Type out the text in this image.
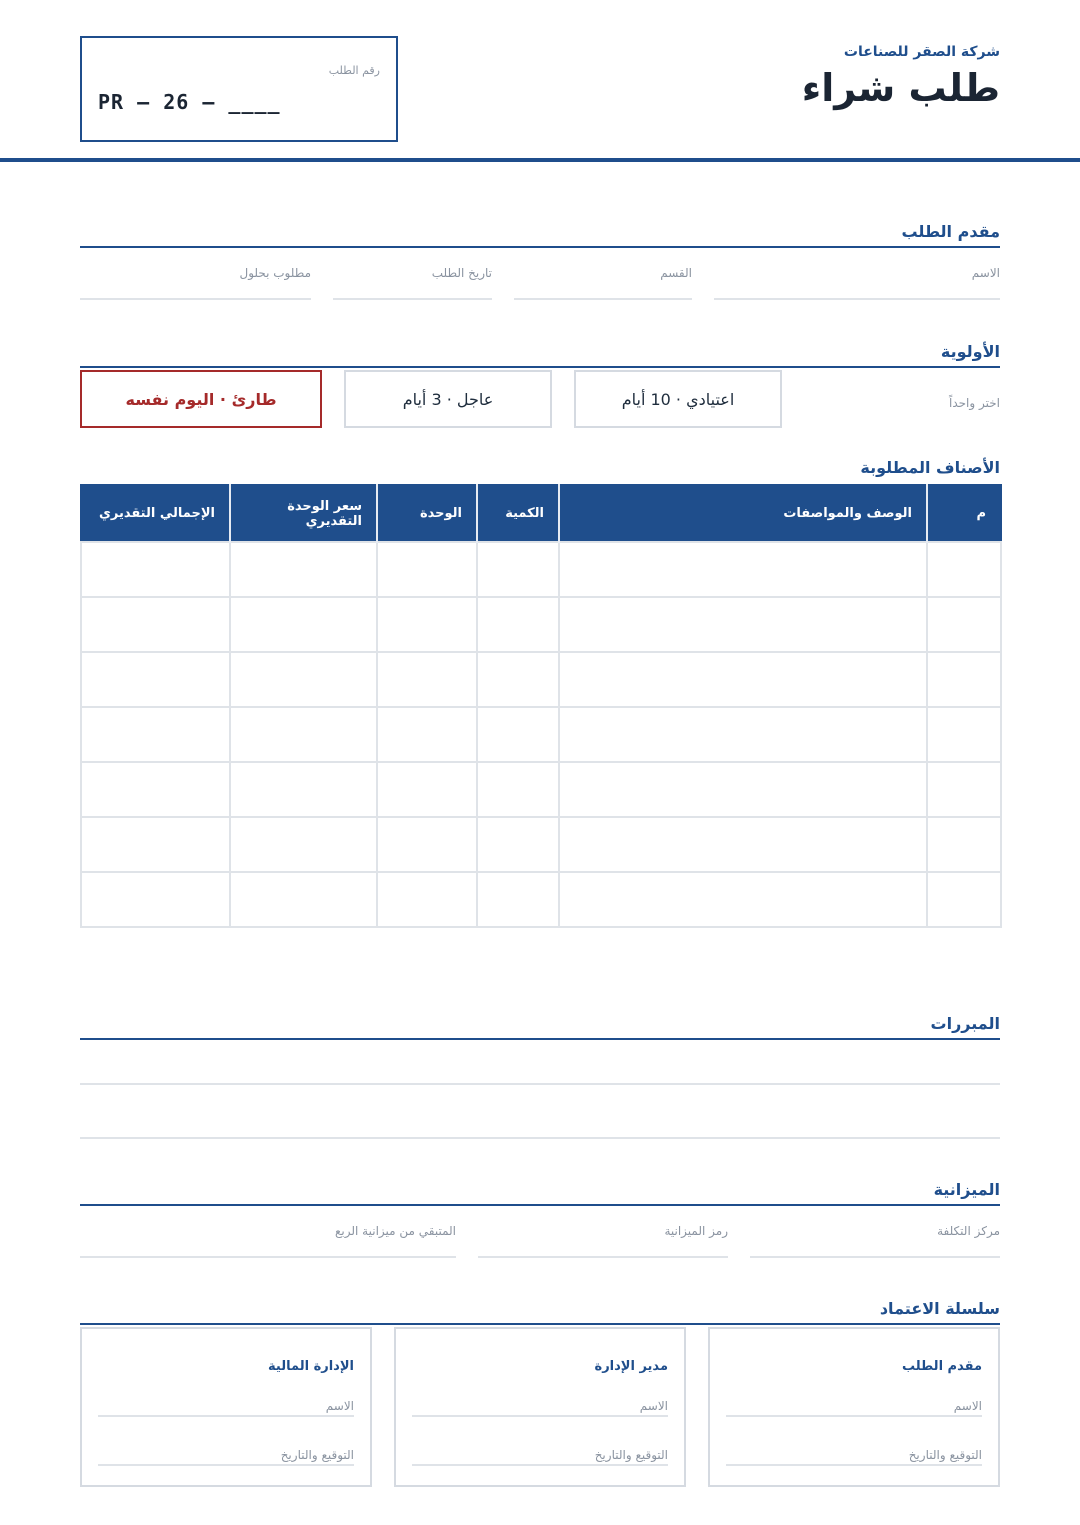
شركة الصقر للصناعات
طلب شراء
رقم الطلب
PR – 26 – ____
مقدم الطلب
الاسم
القسم
تاريخ الطلب
مطلوب بحلول
الأولوية
اختر واحداً
اعتيادي · 10 أيام
عاجل · 3 أيام
طارئ · اليوم نفسه
الأصناف المطلوبة
م	الوصف والمواصفات	الكمية	الوحدة	سعر الوحدة التقديري	الإجمالي التقديري

المبررات
الميزانية
مركز التكلفة
رمز الميزانية
المتبقي من ميزانية الربع
سلسلة الاعتماد
مقدم الطلب
الاسم
التوقيع والتاريخ
مدير الإدارة
الاسم
التوقيع والتاريخ
الإدارة المالية
الاسم
التوقيع والتاريخ
